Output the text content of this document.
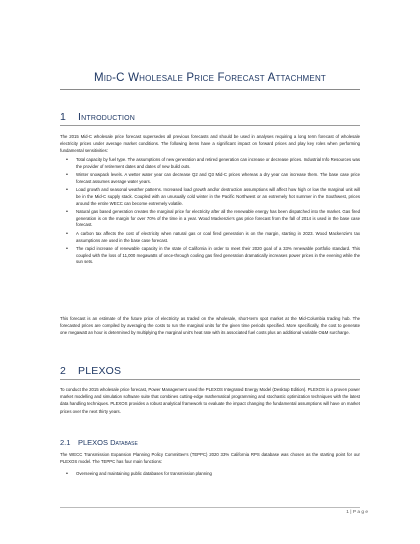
Mid-C Wholesale Price Forecast Attachment
1 Introduction

The 2015 Mid-C wholesale price forecast supersedes all previous forecasts and should be used in analyses requiring a long term forecast of wholesale electricity prices under average market conditions. The following items have a significant impact on forward prices and play key roles when performing fundamental sensitivities:

• Total capacity by fuel type. The assumptions of new generation and retired generation can increase or decrease prices. Industrial Info Resources was the provider of retirement dates and dates of new build outs.
• Winter snowpack levels. A wetter water year can decrease Q2 and Q3 Mid-C prices whereas a dry year can increase them. The base case price forecast assumes average water years.
• Load growth and seasonal weather patterns. Increased load growth and/or destruction assumptions will affect how high or low the marginal unit will be in the Mid-C supply stack. Coupled with an unusually cold winter in the Pacific Northwest or an extremely hot summer in the Southwest, prices around the entire WECC can become extremely volatile.
• Natural gas based generation creates the marginal price for electricity after all the renewable energy has been dispatched into the market. Gas fired generation is on the margin for over 70% of the time in a year. Wood Mackenzie's gas price forecast from the fall of 2014 is used in the base case forecast.
• A carbon tax affects the cost of electricity when natural gas or coal fired generation is on the margin, starting in 2023. Wood Mackenzie's tax assumptions are used in the base case forecast.
• The rapid increase of renewable capacity in the state of California in order to meet their 2020 goal of a 33% renewable portfolio standard. This coupled with the loss of 11,000 megawatts of once-through cooling gas fired generation dramatically increases power prices in the evening while the sun sets.

This forecast is an estimate of the future price of electricity as traded on the wholesale, short-term spot market at the Mid-Columbia trading hub. The forecasted prices are compiled by averaging the costs to run the marginal units for the given time periods specified. More specifically, the cost to generate one megawatt an hour is determined by multiplying the marginal unit's heat rate with its associated fuel costs plus an additional variable O&M surcharge.

2 PLEXOS

To conduct the 2015 wholesale price forecast, Power Management used the PLEXOS Integrated Energy Model (Desktop Edition). PLEXOS is a proven power market modelling and simulation software suite that combines cutting-edge mathematical programming and stochastic optimization techniques with the latest data handling techniques. PLEXOS provides a robust analytical framework to evaluate the impact changing the fundamental assumptions will have on market prices over the next thirty years.

2.1 PLEXOS Database

The WECC Transmission Expansion Planning Policy Committee's (TEPPC) 2020 33% California RPS database was chosen as the starting point for our PLEXOS model. The TEPPC has four main functions:

• Overseeing and maintaining public databases for transmission planning
1 | P a g e
